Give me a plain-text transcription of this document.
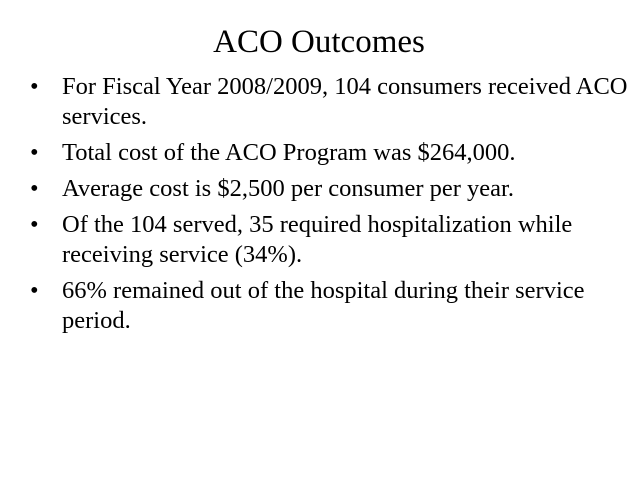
ACO Outcomes
• For Fiscal Year 2008/2009, 104 consumers received ACO services.
• Total cost of the ACO Program was $264,000.
• Average cost is $2,500 per consumer per year.
• Of the 104 served, 35 required hospitalization while receiving service (34%).
• 66% remained out of the hospital during their service period.
